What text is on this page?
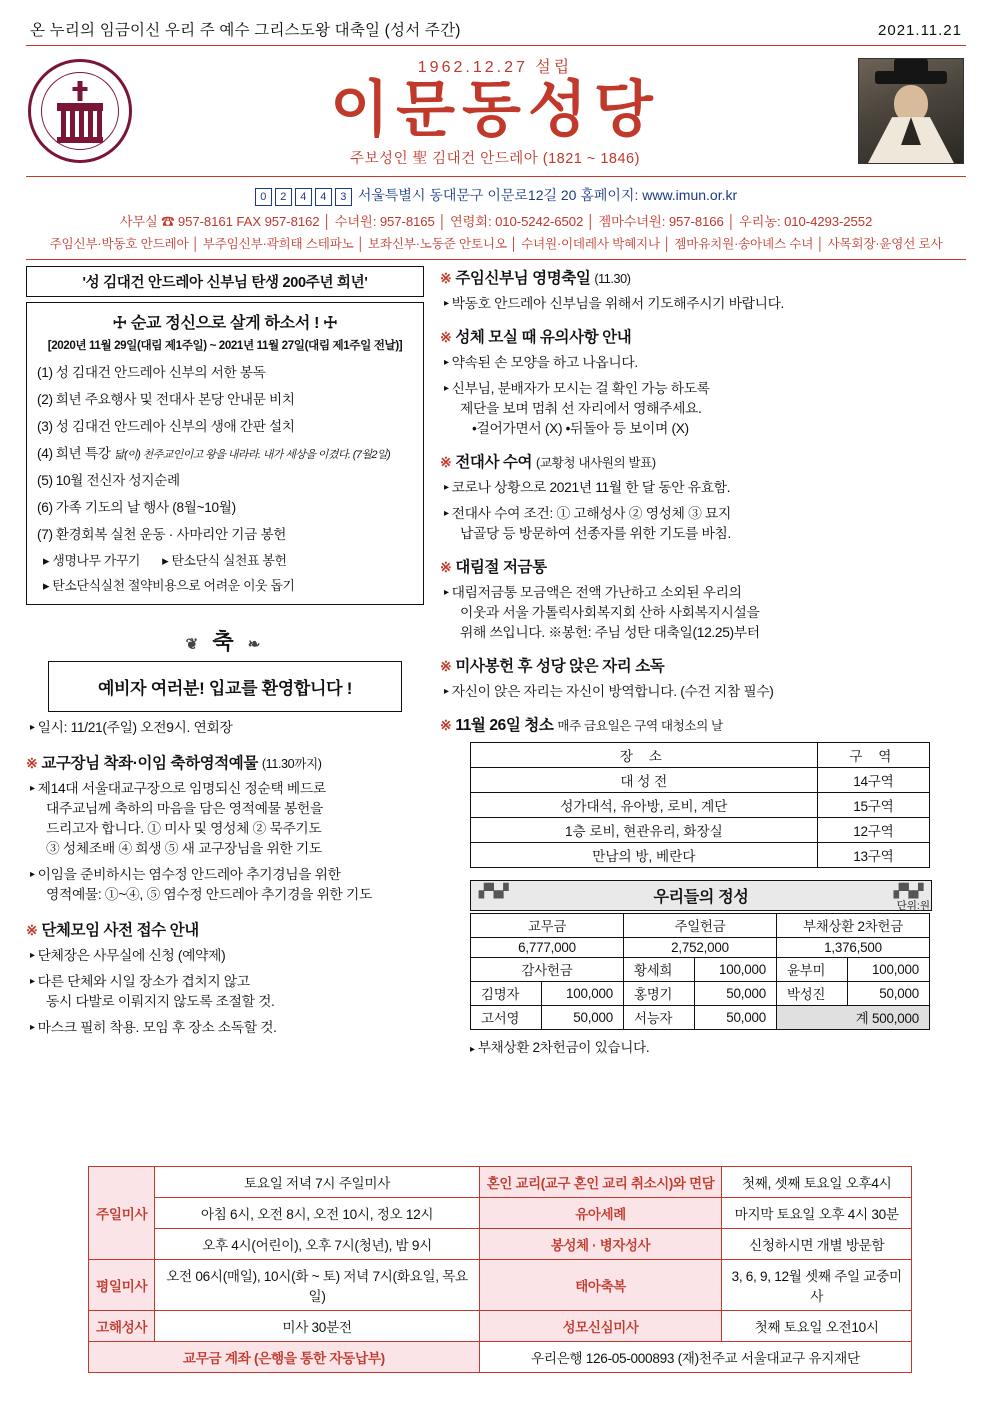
온 누리의 임금이신 우리 주 예수 그리스도왕 대축일 (성서 주간)	2021.11.21
1962.12.27 설립
이문동성당
주보성인 聖 김대건 안드레아 (1821 ~ 1846)
0	2	4	4	3 서울특별시 동대문구 이문로12길 20 홈페이지: www.imun.or.kr
사무실 ☎ 957-8161 FAX 957-8162 │ 수녀원: 957-8165 │ 연령회: 010-5242-6502 │ 젬마수녀원: 957-8166 │ 우리농: 010-4293-2552
주임신부·박동호 안드레아 │ 부주임신부·곽희태 스테파노 │ 보좌신부·노동준 안토니오 │ 수녀원·이데레사 박혜지나 │ 젬마유치원·송아녜스 수녀 │ 사목회장·윤영선 로사
'성 김대건 안드레아 신부님 탄생 200주년 희년'
☩ 순교 정신으로 살게 하소서 ! ☩
[2020년 11월 29일(대림 제1주일) ~ 2021년 11월 27일(대림 제1주일 전날)]
(1) 성 김대건 안드레아 신부의 서한 봉독
(2) 희년 주요행사 및 전대사 본당 안내문 비치
(3) 성 김대건 안드레아 신부의 생애 간판 설치
(4) 희년 특강 닯(이) 천주교인이고 왕을 내라라. 내가 세상을 이겼다. (7월2일)
(5) 10월 전신자 성지순례
(6) 가족 기도의 날 행사 (8월~10월)
(7) 환경회복 실천 운동 · 사마리안 기금 봉헌
▸ 생명나무 가꾸기 ▸ 탄소단식 실천표 봉헌
▸ 탄소단식실천 절약비용으로 어려운 이웃 돕기
❦ 축 ❧
예비자 여러분! 입교를 환영합니다 !
▸ 일시: 11/21(주일) 오전9시. 연회장
※ 교구장님 착좌·이임 축하영적예물 (11.30까지)
▸ 제14대 서울대교구장으로 임명되신 정순택 베드로
대주교님께 축하의 마음을 담은 영적예물 봉헌을
드리고자 합니다. ① 미사 및 영성체 ② 묵주기도
③ 성체조배 ④ 희생 ⑤ 새 교구장님을 위한 기도
▸ 이임을 준비하시는 염수정 안드레아 추기경님을 위한
영적예물: ①~④, ⑤ 염수정 안드레아 추기경을 위한 기도
※ 단체모임 사전 접수 안내
▸ 단체장은 사무실에 신청 (예약제)
▸ 다른 단체와 시일 장소가 겹치지 않고
동시 다발로 이뤄지지 않도록 조절할 것.
▸ 마스크 필히 착용. 모임 후 장소 소독할 것.
※ 주임신부님 영명축일 (11.30)
▸ 박동호 안드레아 신부님을 위해서 기도해주시기 바랍니다.
※ 성체 모실 때 유의사항 안내
▸ 약속된 손 모양을 하고 나옵니다.
▸ 신부님, 분배자가 모시는 걸 확인 가능 하도록
제단을 보며 멈춰 선 자리에서 영해주세요.
•걸어가면서 (X) •뒤돌아 등 보이며 (X)
※ 전대사 수여 (교황청 내사원의 발표)
▸ 코로나 상황으로 2021년 11월 한 달 동안 유효함.
▸ 전대사 수여 조건: ① 고해성사 ② 영성체 ③ 묘지
납골당 등 방문하여 선종자를 위한 기도를 바침.
※ 대림절 저금통
▸ 대림저금통 모금액은 전액 가난하고 소외된 우리의
이웃과 서울 가톨릭사회복지회 산하 사회복지시설을
위해 쓰입니다. ※봉헌: 주님 성탄 대축일(12.25)부터
※ 미사봉헌 후 성당 앉은 자리 소독
▸ 자신이 앉은 자리는 자신이 방역합니다. (수건 지참 필수)
※ 11월 26일 청소 매주 금요일은 구역 대청소의 날
장 소	구 역
대 성 전	14구역
성가대석, 유아방, 로비, 계단	15구역
1층 로비, 현관유리, 화장실	12구역
만남의 방, 베란다	13구역
▞▚▞	우리들의 정성	▞▚▞
단위:원
교무금		주일헌금		부채상환 2차헌금	
6,777,000		2,752,000		1,376,500	
감사헌금		황세희	100,000	윤부미	100,000
김명자	100,000	홍명기	50,000	박성진	50,000
고서영	50,000	서능자	50,000	계 500,000	
▸ 부채상환 2차헌금이 있습니다.
주일미사	토요일 저녁 7시 주일미사	혼인 교리(교구 혼인 교리 취소시)와 면담	첫째, 셋째 토요일 오후4시
	아침 6시, 오전 8시, 오전 10시, 정오 12시	유아세례	마지막 토요일 오후 4시 30분
	오후 4시(어린이), 오후 7시(청년), 밤 9시	봉성체 · 병자성사	신청하시면 개별 방문함
평일미사	오전 06시(매일), 10시(화 ~ 토) 저녁 7시(화요일, 목요일)	태아축복	3, 6, 9, 12월 셋째 주일 교중미사
고해성사	미사 30분전	성모신심미사	첫째 토요일 오전10시
교무금 계좌 (은행을 통한 자동납부)		우리은행 126-05-000893 (재)천주교 서울대교구 유지재단	
